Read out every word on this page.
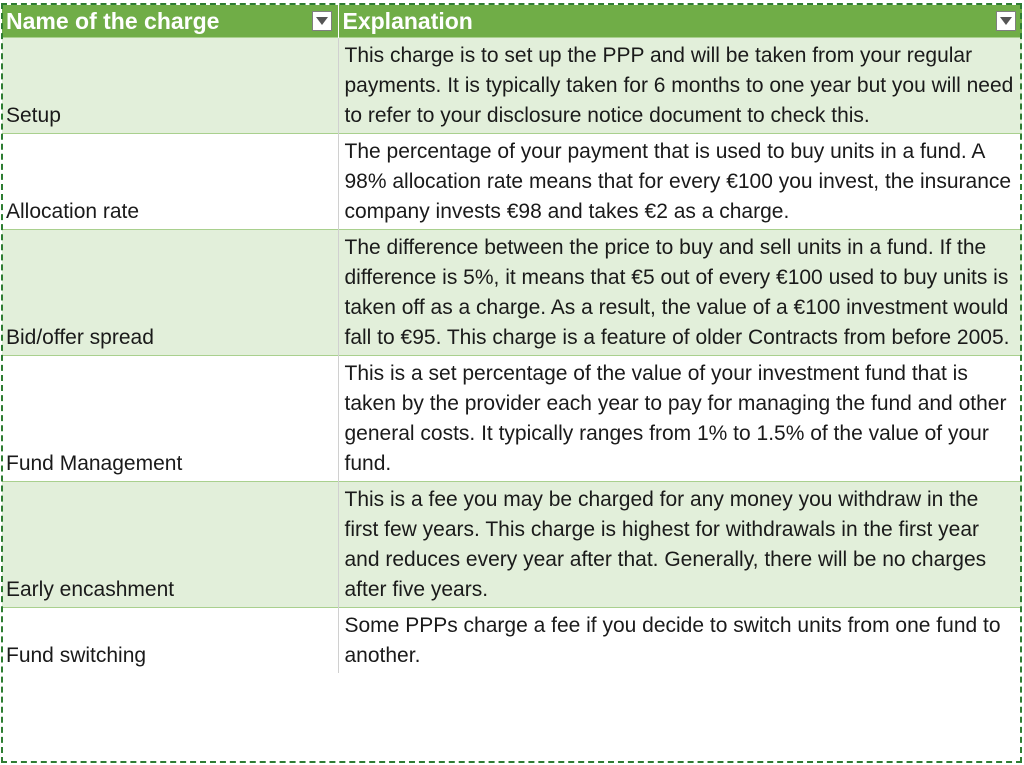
Name of the charge	Explanation

Setup	This charge is to set up the PPP and will be taken from your regular payments. It is typically taken for 6 months to one year but you will need to refer to your disclosure notice document to check this.
Allocation rate	The percentage of your payment that is used to buy units in a fund. A 98% allocation rate means that for every €100 you invest, the insurance company invests €98 and takes €2 as a charge.
Bid/offer spread	The difference between the price to buy and sell units in a fund. If the difference is 5%, it means that €5 out of every €100 used to buy units is taken off as a charge. As a result, the value of a €100 investment would fall to €95. This charge is a feature of older Contracts from before 2005.
Fund Management	This is a set percentage of the value of your investment fund that is taken by the provider each year to pay for managing the fund and other general costs. It typically ranges from 1% to 1.5% of the value of your fund.
Early encashment	This is a fee you may be charged for any money you withdraw in the first few years. This charge is highest for withdrawals in the first year and reduces every year after that. Generally, there will be no charges after five years.
Fund switching	Some PPPs charge a fee if you decide to switch units from one fund to another.
